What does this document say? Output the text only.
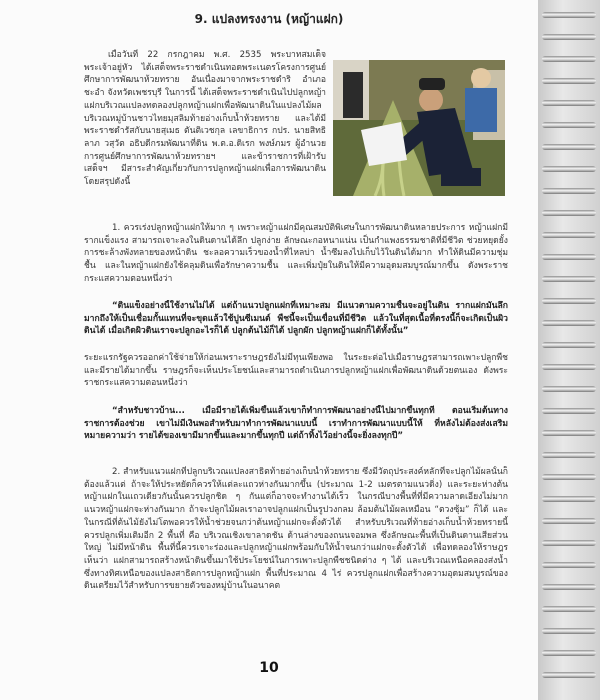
9. แปลงทรงงาน (หญ้าแฝก)

เมื่อวันที่ 22 กรกฎาคม พ.ศ. 2535 พระบาทสมเด็จพระเจ้าอยู่หัว ได้เสด็จพระราชดำเนินทอดพระเนตรโครงการศูนย์ศึกษาการพัฒนาห้วยทราย อันเนื่องมาจากพระราชดำริ อำเภอชะอำ จังหวัดเพชรบุรี ในการนี้ ได้เสด็จพระราชดำเนินไปปลูกหญ้าแฝกบริเวณแปลงทดลองปลูกหญ้าแฝกเพื่อพัฒนาดินในแปลงไม้ผล บริเวณหมู่บ้านชาวไทยมุสลิมท้ายอ่างเก็บน้ำห้วยทราย และได้มีพระราชดำรัสกับนายสุเมธ ตันติเวชกุล เลขาธิการ กปร. นายสิทธิลาภ วสุวัต อธิบดีกรมพัฒนาที่ดิน พ.ต.อ.ดิเรก พงษ์ภมร ผู้อำนวยการศูนย์ศึกษาการพัฒนาห้วยทรายฯ และข้าราชการที่เฝ้ารับเสด็จฯ มีสาระสำคัญเกี่ยวกับการปลูกหญ้าแฝกเพื่อการพัฒนาดิน โดยสรุปดังนี้

1. ควรเร่งปลูกหญ้าแฝกให้มาก ๆ เพราะหญ้าแฝกมีคุณสมบัติพิเศษในการพัฒนาดินหลายประการ หญ้าแฝกมีรากแข็งแรง สามารถเจาะลงในดินดานได้ลึก ปลูกง่าย ลักษณะกอหนาแน่น เป็นกำแพงธรรมชาติที่มีชีวิต ช่วยหยุดยั้งการชะล้างพังทลายของหน้าดิน ชะลอความเร็วของน้ำที่ไหลบ่า น้ำซึมลงไปเก็บไว้ในดินได้มาก ทำให้ดินมีความชุ่มชื้น และในหญ้าแฝกยังใช้คลุมดินเพื่อรักษาความชื้น และเพิ่มปุ๋ยในดินให้มีความอุดมสมบูรณ์มากขึ้น ดังพระราชกระแสความตอนหนึ่งว่า

“ดินแข็งอย่างนี้ใช้งานไม่ได้ แต่ถ้าแนวปลูกแฝกที่เหมาะสม มีแนวตามความชื้นจะอยู่ในดิน รากแฝกมันลึกมากถึงให้เป็นเชื่อมกั้นแทนที่จะขุดแล้วใช้ปูนซีเมนต์ พืชนี้จะเป็นเขื่อนที่มีชีวิต แล้วในที่สุดเนื้อที่ตรงนี้ก็จะเกิดเป็นผิวดินได้ เมื่อเกิดผิวดินเราจะปลูกอะไรก็ได้ ปลูกต้นไม้ก็ได้ ปลูกผัก ปลูกหญ้าแฝกก็ได้ทั้งนั้น”

ระยะแรกรัฐควรออกค่าใช้จ่ายให้ก่อนเพราะราษฎรยังไม่มีทุนเพียงพอ ในระยะต่อไปเมื่อราษฎรสามารถเพาะปลูกพืชและมีรายได้มากขึ้น ราษฎรก็จะเห็นประโยชน์และสามารถดำเนินการปลูกหญ้าแฝกเพื่อพัฒนาดินด้วยตนเอง ดังพระราชกระแสความตอนหนึ่งว่า

“สำหรับชาวบ้าน... เมื่อมีรายได้เพิ่มขึ้นแล้วเขาก็ทำการพัฒนาอย่างนี้ไปมากขึ้นทุกที ตอนเริ่มต้นทางราชการต้องช่วย เขาไม่มีเงินพอสำหรับมาทำการพัฒนาแบบนี้ เราทำการพัฒนาแบบนี้ให้ ที่หลังไม่ต้องส่งเสริม หมายความว่า รายได้ของเขามีมากขึ้นและมากขึ้นทุกปี แต่ถ้าทิ้งไว้อย่างนี้จะยิ่งลงทุกปี”

2. สำหรับแนวแฝกที่ปลูกบริเวณแปลงสาธิตท้ายอ่างเก็บน้ำห้วยทราย ซึ่งมีวัตถุประสงค์หลักที่จะปลูกไม้ผลนั้นก็ต้องแล้วแต่ ถ้าจะให้ประหยัดก็ควรให้แต่ละแถวห่างกันมากขึ้น (ประมาณ 1-2 เมตรตามแนวดิ่ง) และระยะห่างต้นหญ้าแฝกในแถวเดียวกันนั้นควรปลูกชิด ๆ กันแต่ก็อาจจะทำงานได้เร็ว ในกรณีบางพื้นที่ที่มีความลาดเอียงไม่มาก แนวหญ้าแฝกจะห่างกันมาก ถ้าจะปลูกไม้ผลเราอาจปลูกแฝกเป็นรูปวงกลม ล้อมต้นไม้ผลเหมือน “ตวงซุ้ม” ก็ได้ และในกรณีที่ต้นไม้ยังไม่โตพอควรให้น้ำช่วยจนกว่าต้นหญ้าแฝกจะตั้งตัวได้ สำหรับบริเวณที่ท้ายอ่างเก็บน้ำห้วยทรายนี้ ควรปลูกเพิ่มเติมอีก 2 พื้นที่ คือ บริเวณเชิงเขาลาดชัน ด้านล่างของถนนจอมพล ซึ่งลักษณะพื้นที่เป็นดินดานเสียส่วนใหญ่ ไม่มีหน้าดิน พื้นที่นี้ควรเจาะร่องและปลูกหญ้าแฝกพร้อมกับให้น้ำจนกว่าแฝกจะตั้งตัวได้ เพื่อทดลองให้ราษฎรเห็นว่า แฝกสามารถสร้างหน้าดินขึ้นมาใช้ประโยชน์ในการเพาะปลูกพืชชนิดต่าง ๆ ได้ และบริเวณเหนือคลองส่งน้ำ ซึ่งทางทิศเหนือของแปลงสาธิตการปลูกหญ้าแฝก พื้นที่ประมาณ 4 ไร่ ควรปลูกแฝกเพื่อสร้างความอุดมสมบูรณ์ของดินเตรียมไว้สำหรับการขยายตัวของหมู่บ้านในอนาคต

10
